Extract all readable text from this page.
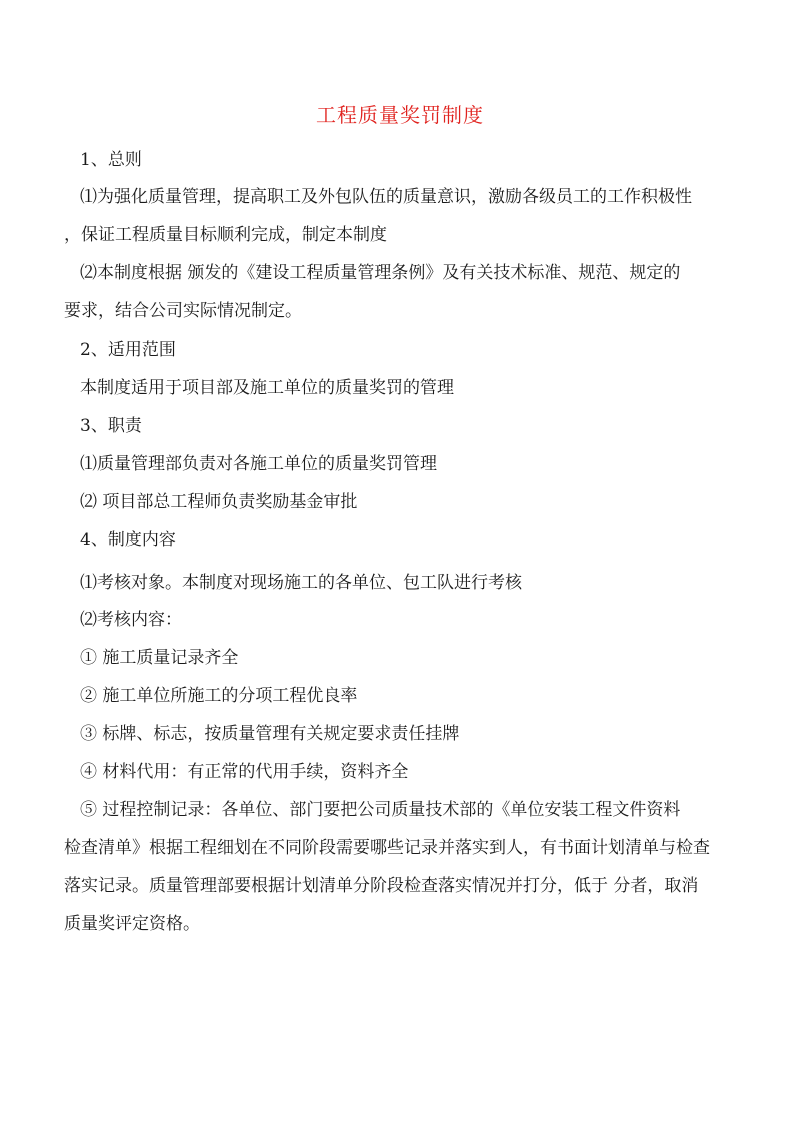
工程质量奖罚制度
1、总则
⑴为强化质量管理，提高职工及外包队伍的质量意识，激励各级员工的工作积极性
，保证工程质量目标顺利完成，制定本制度
⑵本制度根据 颁发的《建设工程质量管理条例》及有关技术标准、规范、规定的
要求，结合公司实际情况制定。
2、适用范围
本制度适用于项目部及施工单位的质量奖罚的管理
3、职责
⑴质量管理部负责对各施工单位的质量奖罚管理
⑵ 项目部总工程师负责奖励基金审批
4、制度内容
⑴考核对象。本制度对现场施工的各单位、包工队进行考核
⑵考核内容：
① 施工质量记录齐全
② 施工单位所施工的分项工程优良率
③ 标牌、标志，按质量管理有关规定要求责任挂牌
④ 材料代用：有正常的代用手续，资料齐全
⑤ 过程控制记录：各单位、部门要把公司质量技术部的《单位安装工程文件资料
检查清单》根据工程细划在不同阶段需要哪些记录并落实到人，有书面计划清单与检查
落实记录。质量管理部要根据计划清单分阶段检查落实情况并打分，低于 分者，取消
质量奖评定资格。
